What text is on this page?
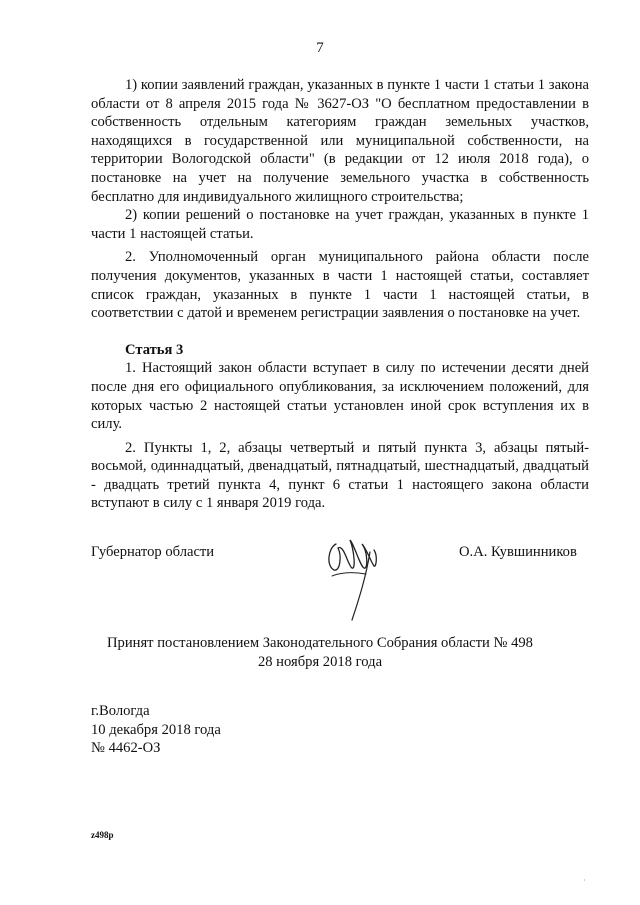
7

1) копии заявлений граждан, указанных в пункте 1 части 1 статьи 1 закона области от 8 апреля 2015 года № 3627-ОЗ "О бесплатном предоставлении в собственность отдельным категориям граждан земельных участков, находящихся в государственной или муниципальной собственности, на территории Вологодской области" (в редакции от 12 июля 2018 года), о постановке на учет на получение земельного участка в собственность бесплатно для индивидуального жилищного строительства;

2) копии решений о постановке на учет граждан, указанных в пункте 1 части 1 настоящей статьи.

2. Уполномоченный орган муниципального района области после получения документов, указанных в части 1 настоящей статьи, составляет список граждан, указанных в пункте 1 части 1 настоящей статьи, в соответствии с датой и временем регистрации заявления о постановке на учет.

Статья 3

1. Настоящий закон области вступает в силу по истечении десяти дней после дня его официального опубликования, за исключением положений, для которых частью 2 настоящей статьи установлен иной срок вступления их в силу.

2. Пункты 1, 2, абзацы четвертый и пятый пункта 3, абзацы пятый-восьмой, одиннадцатый, двенадцатый, пятнадцатый, шестнадцатый, двадцатый - двадцать третий пункта 4, пункт 6 статьи 1 настоящего закона области вступают в силу с 1 января 2019 года.

Губернатор области	О.А. Кувшинников
Принят постановлением Законодательного Собрания области № 498
28 ноября 2018 года
г.Вологда
10 декабря 2018 года
№ 4462-ОЗ
z498p
·
